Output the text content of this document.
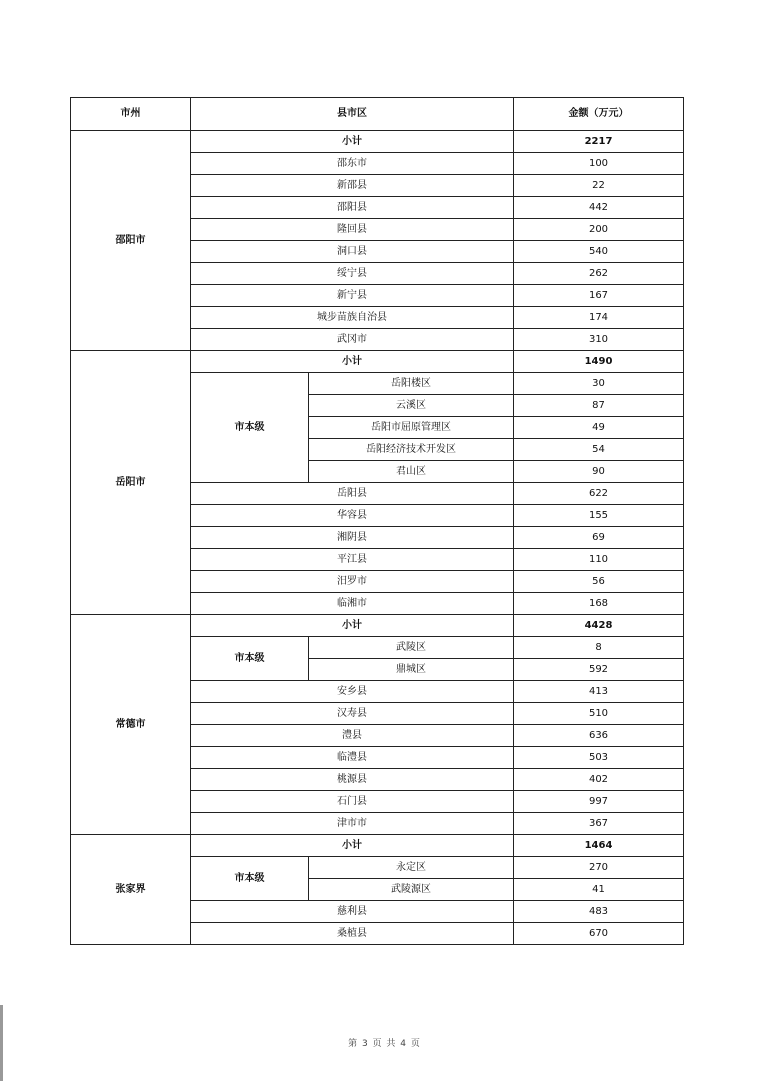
市州	县市区		金额（万元）
邵阳市	小计		2217
	邵东市		100
	新邵县		22
	邵阳县		442
	隆回县		200
	洞口县		540
	绥宁县		262
	新宁县		167
	城步苗族自治县		174
	武冈市		310
岳阳市	小计		1490
	市本级	岳阳楼区	30
		云溪区	87
		岳阳市屈原管理区	49
		岳阳经济技术开发区	54
		君山区	90
	岳阳县		622
	华容县		155
	湘阴县		69
	平江县		110
	汨罗市		56
	临湘市		168
常德市	小计		4428
	市本级	武陵区	8
		鼎城区	592
	安乡县		413
	汉寿县		510
	澧县		636
	临澧县		503
	桃源县		402
	石门县		997
	津市市		367
张家界	小计		1464
	市本级	永定区	270
		武陵源区	41
	慈利县		483
	桑植县		670
第 3 页 共 4 页
